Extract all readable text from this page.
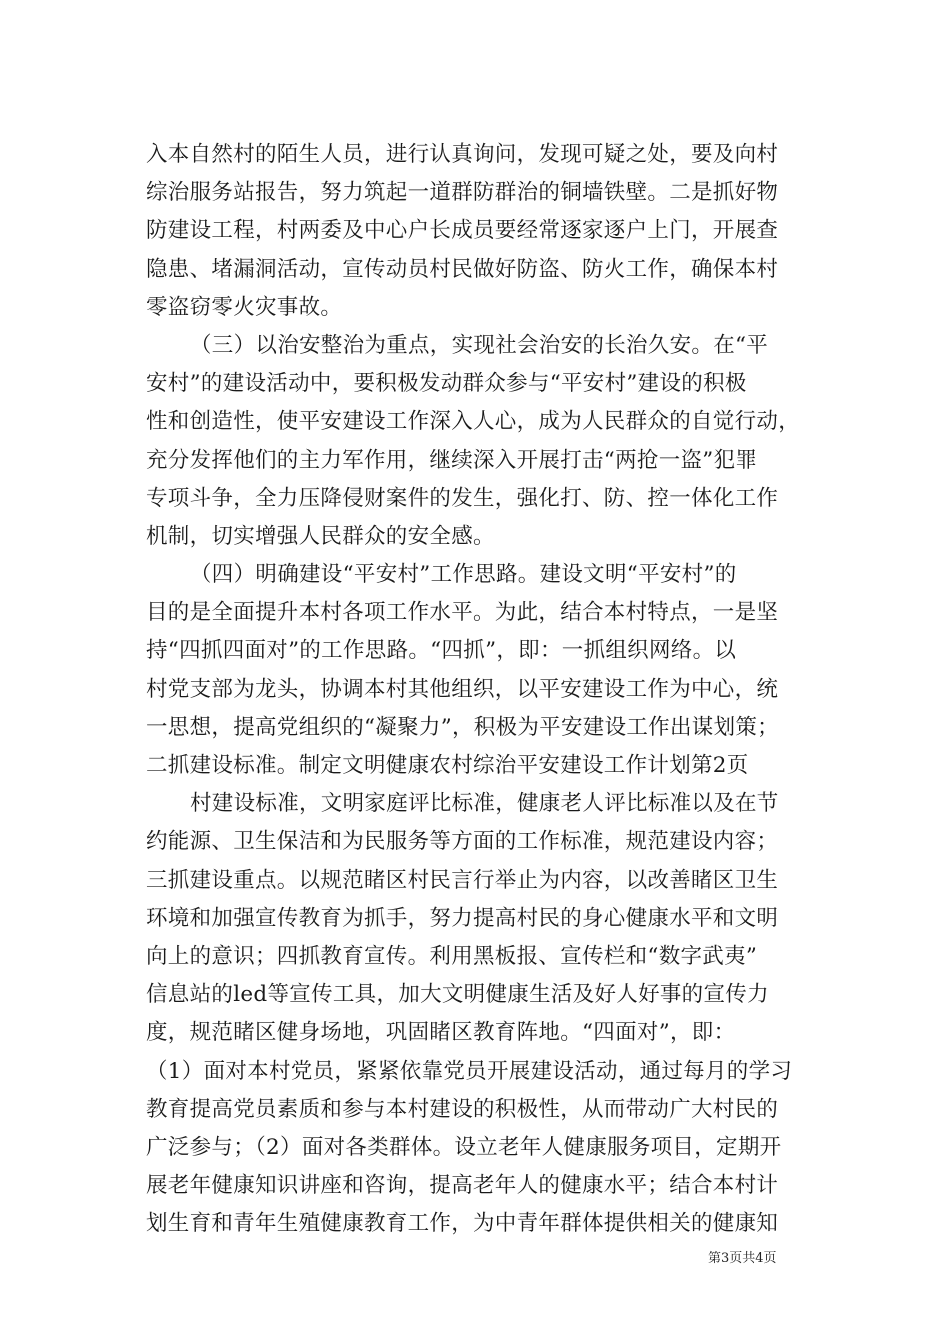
入本自然村的陌生人员，进行认真询问，发现可疑之处，要及向村
综治服务站报告，努力筑起一道群防群治的铜墙铁壁。二是抓好物
防建设工程，村两委及中心户长成员要经常逐家逐户上门，开展查
隐患、堵漏洞活动，宣传动员村民做好防盗、防火工作，确保本村
零盗窃零火灾事故。
（三）以治安整治为重点，实现社会治安的长治久安。在“平
安村”的建设活动中，要积极发动群众参与“平安村”建设的积极
性和创造性，使平安建设工作深入人心，成为人民群众的自觉行动，
充分发挥他们的主力军作用，继续深入开展打击“两抢一盗”犯罪
专项斗争，全力压降侵财案件的发生，强化打、防、控一体化工作
机制，切实增强人民群众的安全感。
（四）明确建设“平安村”工作思路。建设文明“平安村”的
目的是全面提升本村各项工作水平。为此，结合本村特点，一是坚
持“四抓四面对”的工作思路。“四抓”，即：一抓组织网络。以
村党支部为龙头，协调本村其他组织，以平安建设工作为中心，统
一思想，提高党组织的“凝聚力”，积极为平安建设工作出谋划策；
二抓建设标准。制定文明健康农村综治平安建设工作计划第2页
村建设标准，文明家庭评比标准，健康老人评比标准以及在节
约能源、卫生保洁和为民服务等方面的工作标准，规范建设内容；
三抓建设重点。以规范睹区村民言行举止为内容，以改善睹区卫生
环境和加强宣传教育为抓手，努力提高村民的身心健康水平和文明
向上的意识；四抓教育宣传。利用黑板报、宣传栏和“数字武夷”
信息站的led等宣传工具，加大文明健康生活及好人好事的宣传力
度，规范睹区健身场地，巩固睹区教育阵地。“四面对”，即：
（1）面对本村党员，紧紧依靠党员开展建设活动，通过每月的学习
教育提高党员素质和参与本村建设的积极性，从而带动广大村民的
广泛参与；（2）面对各类群体。设立老年人健康服务项目，定期开
展老年健康知识讲座和咨询，提高老年人的健康水平；结合本村计
划生育和青年生殖健康教育工作，为中青年群体提供相关的健康知
第3页共4页
